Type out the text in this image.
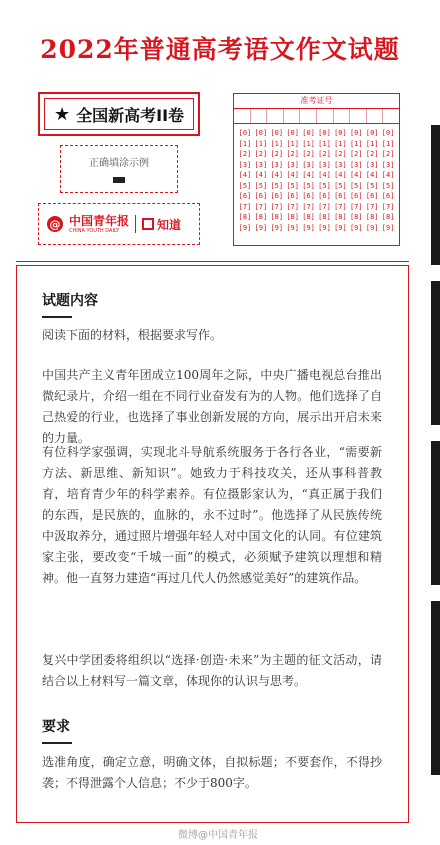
2022年普通高考语文作文试题
★ 全国新高考II卷
正确填涂示例
@ 中国青年报
CHINA YOUTH DAILY	知道
准考证号
[0]
[1]
[2]
[3]
[4]
[5]
[6]
[7]
[8]
[9]
[0]
[1]
[2]
[3]
[4]
[5]
[6]
[7]
[8]
[9]
[0]
[1]
[2]
[3]
[4]
[5]
[6]
[7]
[8]
[9]
[0]
[1]
[2]
[3]
[4]
[5]
[6]
[7]
[8]
[9]
[0]
[1]
[2]
[3]
[4]
[5]
[6]
[7]
[8]
[9]
[0]
[1]
[2]
[3]
[4]
[5]
[6]
[7]
[8]
[9]
[0]
[1]
[2]
[3]
[4]
[5]
[6]
[7]
[8]
[9]
[0]
[1]
[2]
[3]
[4]
[5]
[6]
[7]
[8]
[9]
[0]
[1]
[2]
[3]
[4]
[5]
[6]
[7]
[8]
[9]
[0]
[1]
[2]
[3]
[4]
[5]
[6]
[7]
[8]
[9]
试题内容
阅读下面的材料，根据要求写作。
中国共产主义青年团成立100周年之际，中央广播电视总台推出微纪录片，介绍一组在不同行业奋发有为的人物。他们选择了自己热爱的行业，也选择了事业创新发展的方向，展示出开启未来的力量。
有位科学家强调，实现北斗导航系统服务于各行各业，“需要新方法、新思维、新知识”。她致力于科技攻关，还从事科普教育，培育青少年的科学素养。有位摄影家认为，“真正属于我们的东西，是民族的，血脉的，永不过时”。他选择了从民族传统中汲取养分，通过照片增强年轻人对中国文化的认同。有位建筑家主张，要改变“千城一面”的模式，必须赋予建筑以理想和精神。他一直努力建造“再过几代人仍然感觉美好”的建筑作品。
复兴中学团委将组织以“选择·创造·未来”为主题的征文活动，请结合以上材料写一篇文章，体现你的认识与思考。
要求
选准角度，确定立意，明确文体，自拟标题；不要套作，不得抄袭；不得泄露个人信息；不少于800字。
微博@中国青年报
